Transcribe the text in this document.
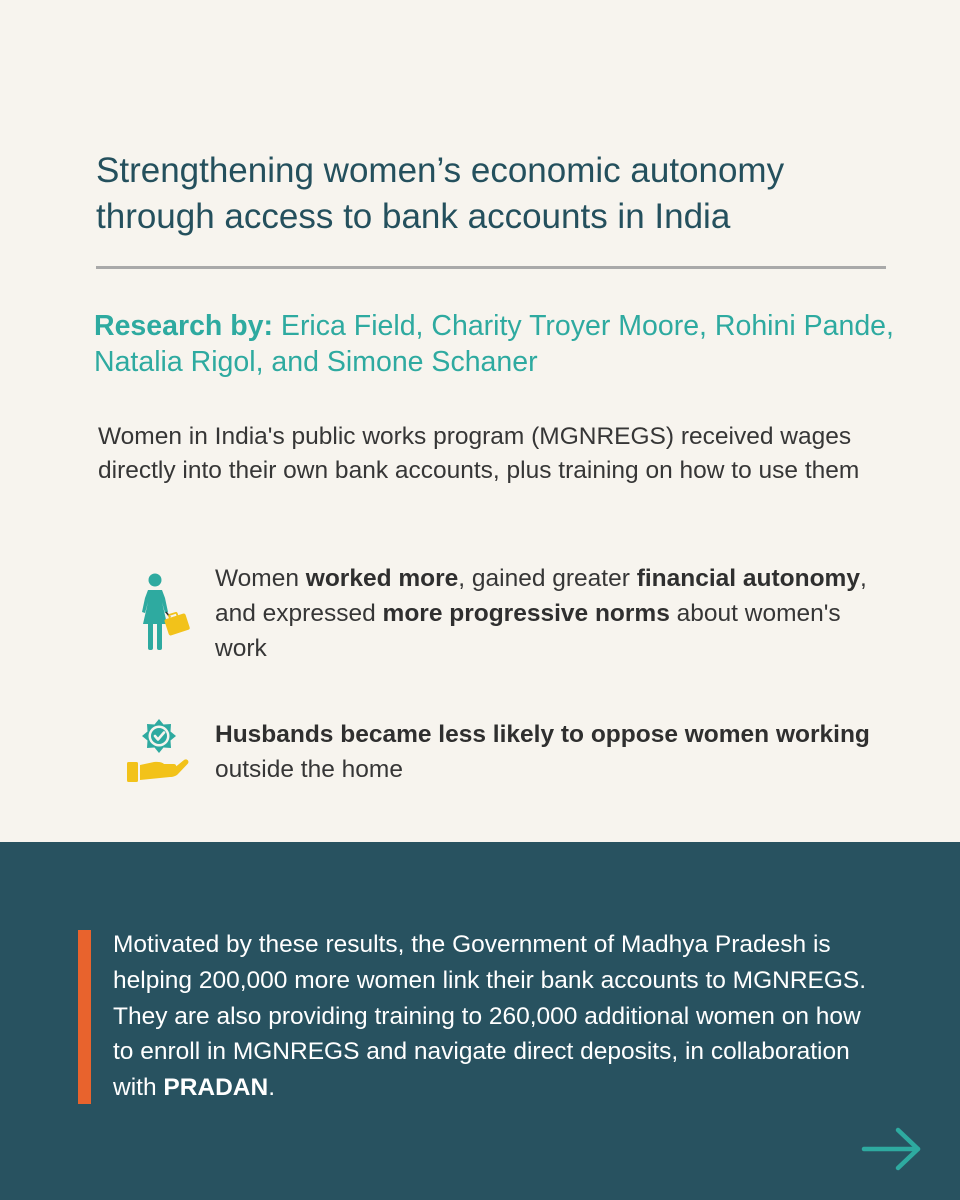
Strengthening women’s economic autonomy through access to bank accounts in India

Research by: Erica Field, Charity Troyer Moore, Rohini Pande, Natalia Rigol, and Simone Schaner

Women in India's public works program (MGNREGS) received wages directly into their own bank accounts, plus training on how to use them

Women worked more, gained greater financial autonomy, and expressed more progressive norms about women's work

Husbands became less likely to oppose women working outside the home

Motivated by these results, the Government of Madhya Pradesh is helping 200,000 more women link their bank accounts to MGNREGS. They are also providing training to 260,000 additional women on how to enroll in MGNREGS and navigate direct deposits, in collaboration with PRADAN.
